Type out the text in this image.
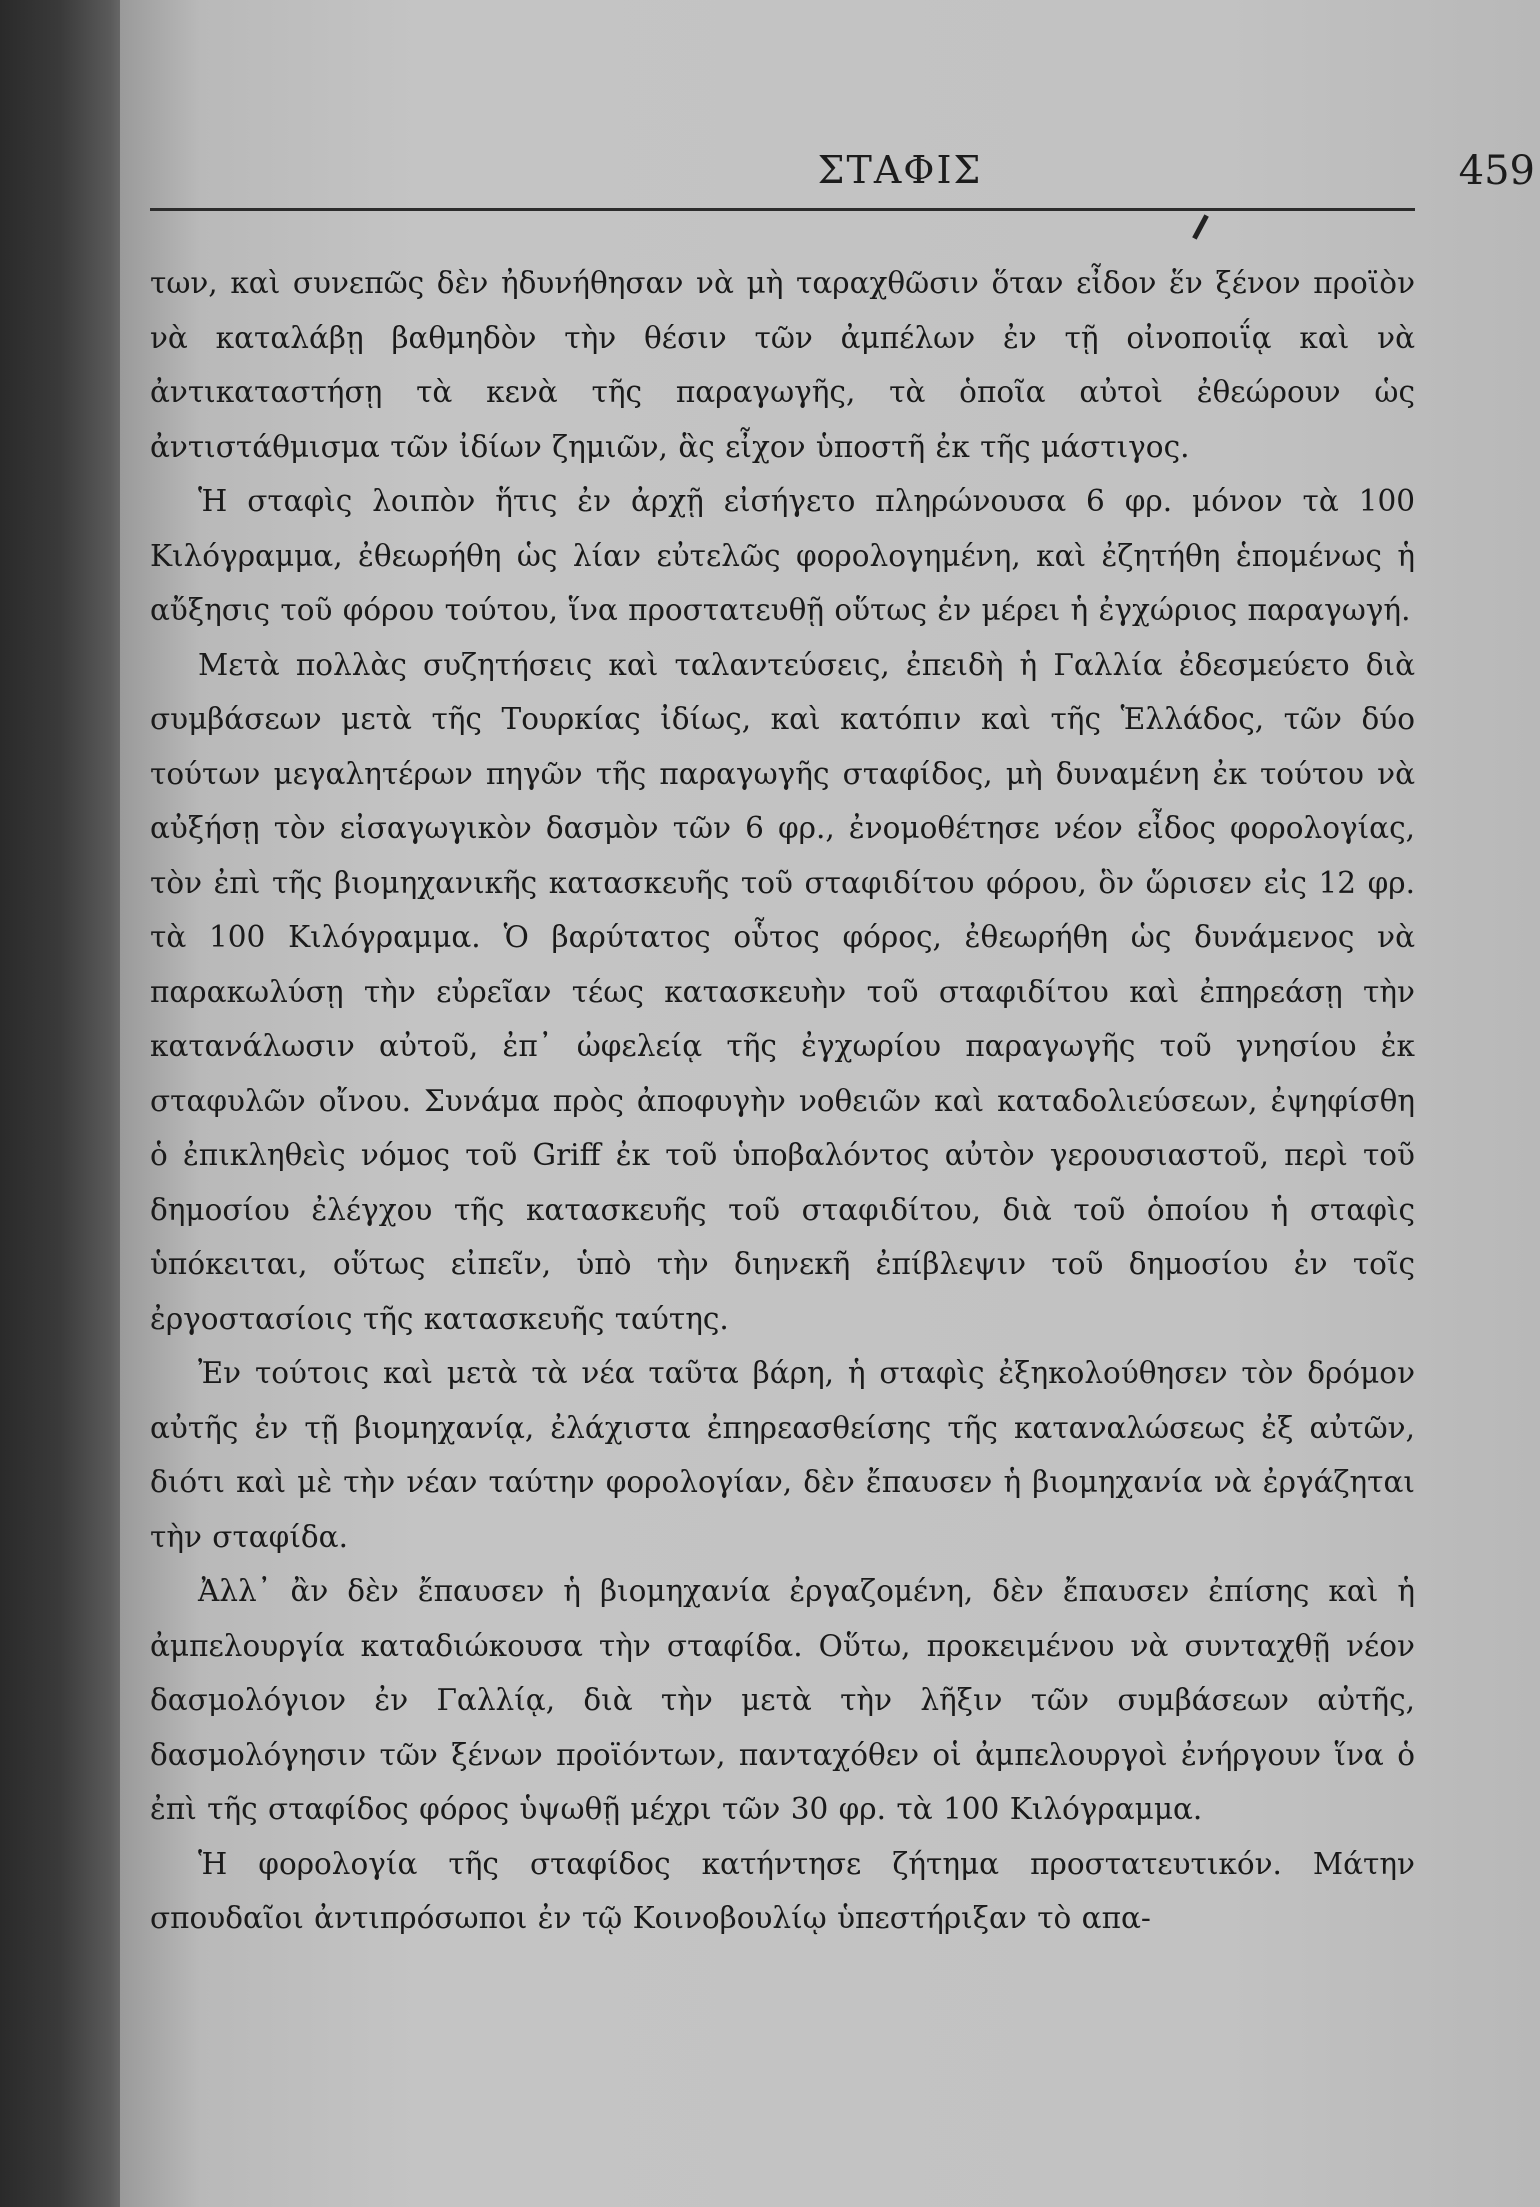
ΣΤΑΦΙΣ	459

των, καὶ συνεπῶς δὲν ἠδυνήθησαν νὰ μὴ ταραχθῶσιν ὅταν εἶδον ἕν ξένον προϊὸν νὰ καταλάβῃ βαθμηδὸν τὴν θέσιν τῶν ἀμπέλων ἐν τῇ οἰνοποιΐᾳ καὶ νὰ ἀντικαταστήσῃ τὰ κενὰ τῆς παραγωγῆς, τὰ ὁποῖα αὐτοὶ ἐθεώρουν ὡς ἀντιστάθμισμα τῶν ἰδίων ζημιῶν, ἃς εἶχον ὑποστῆ ἐκ τῆς μάστιγος.

Ἡ σταφὶς λοιπὸν ἥτις ἐν ἀρχῇ εἰσήγετο πληρώνουσα 6 φρ. μόνον τὰ 100 Κιλόγραμμα, ἐθεωρήθη ὡς λίαν εὐτελῶς φορολογημένη, καὶ ἐζητήθη ἑπομένως ἡ αὔξησις τοῦ φόρου τούτου, ἵνα προστατευθῇ οὕτως ἐν μέρει ἡ ἐγχώριος παραγωγή.

Μετὰ πολλὰς συζητήσεις καὶ ταλαντεύσεις, ἐπειδὴ ἡ Γαλλία ἐδεσμεύετο διὰ συμβάσεων μετὰ τῆς Τουρκίας ἰδίως, καὶ κατόπιν καὶ τῆς Ἑλλάδος, τῶν δύο τούτων μεγαλητέρων πηγῶν τῆς παραγωγῆς σταφίδος, μὴ δυναμένη ἐκ τούτου νὰ αὐξήσῃ τὸν εἰσαγωγικὸν δασμὸν τῶν 6 φρ., ἐνομοθέτησε νέον εἶδος φορολογίας, τὸν ἐπὶ τῆς βιομηχανικῆς κατασκευῆς τοῦ σταφιδίτου φόρου, ὃν ὥρισεν εἰς 12 φρ. τὰ 100 Κιλόγραμμα. Ὁ βαρύτατος οὗτος φόρος, ἐθεωρήθη ὡς δυνάμενος νὰ παρακωλύσῃ τὴν εὐρεῖαν τέως κατασκευὴν τοῦ σταφιδίτου καὶ ἐπηρεάσῃ τὴν κατανάλωσιν αὐτοῦ, ἐπ᾿ ὠφελείᾳ τῆς ἐγχωρίου παραγωγῆς τοῦ γνησίου ἐκ σταφυλῶν οἴνου. Συνάμα πρὸς ἀποφυγὴν νοθειῶν καὶ καταδολιεύσεων, ἐψηφίσθη ὁ ἐπικληθεὶς νόμος τοῦ Griff ἐκ τοῦ ὑποβαλόντος αὐτὸν γερουσιαστοῦ, περὶ τοῦ δημοσίου ἐλέγχου τῆς κατασκευῆς τοῦ σταφιδίτου, διὰ τοῦ ὁποίου ἡ σταφὶς ὑπόκειται, οὕτως εἰπεῖν, ὑπὸ τὴν διηνεκῆ ἐπίβλεψιν τοῦ δημοσίου ἐν τοῖς ἐργοστασίοις τῆς κατασκευῆς ταύτης.

Ἐν τούτοις καὶ μετὰ τὰ νέα ταῦτα βάρη, ἡ σταφὶς ἐξηκολούθησεν τὸν δρόμον αὐτῆς ἐν τῇ βιομηχανίᾳ, ἐλάχιστα ἐπηρεασθείσης τῆς καταναλώσεως ἐξ αὐτῶν, διότι καὶ μὲ τὴν νέαν ταύτην φορολογίαν, δὲν ἔπαυσεν ἡ βιομηχανία νὰ ἐργάζηται τὴν σταφίδα.

Ἀλλ᾿ ἂν δὲν ἔπαυσεν ἡ βιομηχανία ἐργαζομένη, δὲν ἔπαυσεν ἐπίσης καὶ ἡ ἀμπελουργία καταδιώκουσα τὴν σταφίδα. Οὕτω, προκειμένου νὰ συνταχθῇ νέον δασμολόγιον ἐν Γαλλίᾳ, διὰ τὴν μετὰ τὴν λῆξιν τῶν συμβάσεων αὐτῆς, δασμολόγησιν τῶν ξένων προϊόντων, πανταχόθεν οἱ ἀμπελουργοὶ ἐνήργουν ἵνα ὁ ἐπὶ τῆς σταφίδος φόρος ὑψωθῇ μέχρι τῶν 30 φρ. τὰ 100 Κιλόγραμμα.

Ἡ φορολογία τῆς σταφίδος κατήντησε ζήτημα προστατευτικόν. Μάτην σπουδαῖοι ἀντιπρόσωποι ἐν τῷ Κοινοβουλίῳ ὑπεστήριξαν τὸ απα-
